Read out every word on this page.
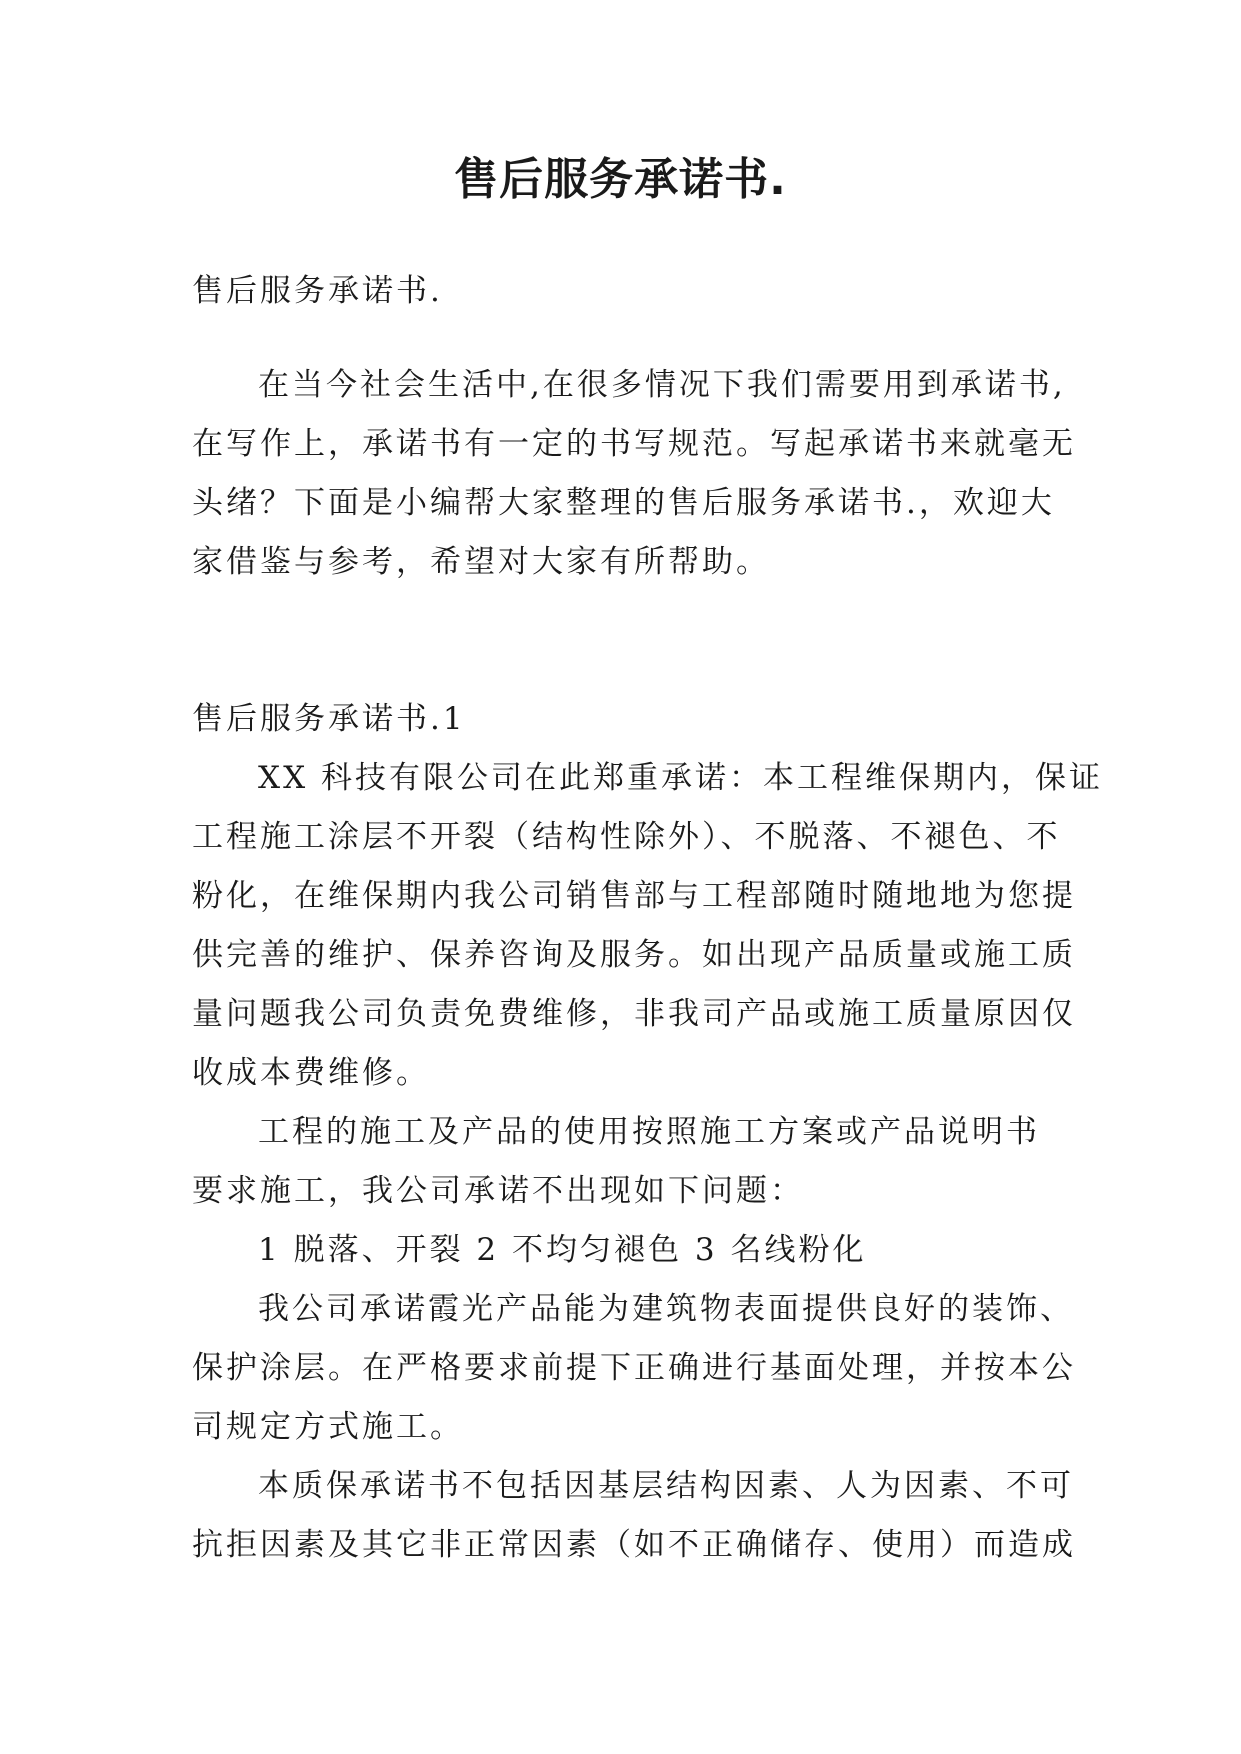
售后服务承诺书.

售后服务承诺书.

在当今社会生活中,在很多情况下我们需要用到承诺书,
在写作上，承诺书有一定的书写规范。写起承诺书来就毫无
头绪？下面是小编帮大家整理的售后服务承诺书.，欢迎大
家借鉴与参考，希望对大家有所帮助。

售后服务承诺书.1

XX 科技有限公司在此郑重承诺：本工程维保期内，保证
工程施工涂层不开裂（结构性除外）、不脱落、不褪色、不
粉化，在维保期内我公司销售部与工程部随时随地地为您提
供完善的维护、保养咨询及服务。如出现产品质量或施工质
量问题我公司负责免费维修，非我司产品或施工质量原因仅
收成本费维修。
工程的施工及产品的使用按照施工方案或产品说明书
要求施工，我公司承诺不出现如下问题：
1 脱落、开裂 2 不均匀褪色 3 名线粉化
我公司承诺霞光产品能为建筑物表面提供良好的装饰、
保护涂层。在严格要求前提下正确进行基面处理，并按本公
司规定方式施工。
本质保承诺书不包括因基层结构因素、人为因素、不可
抗拒因素及其它非正常因素（如不正确储存、使用）而造成
